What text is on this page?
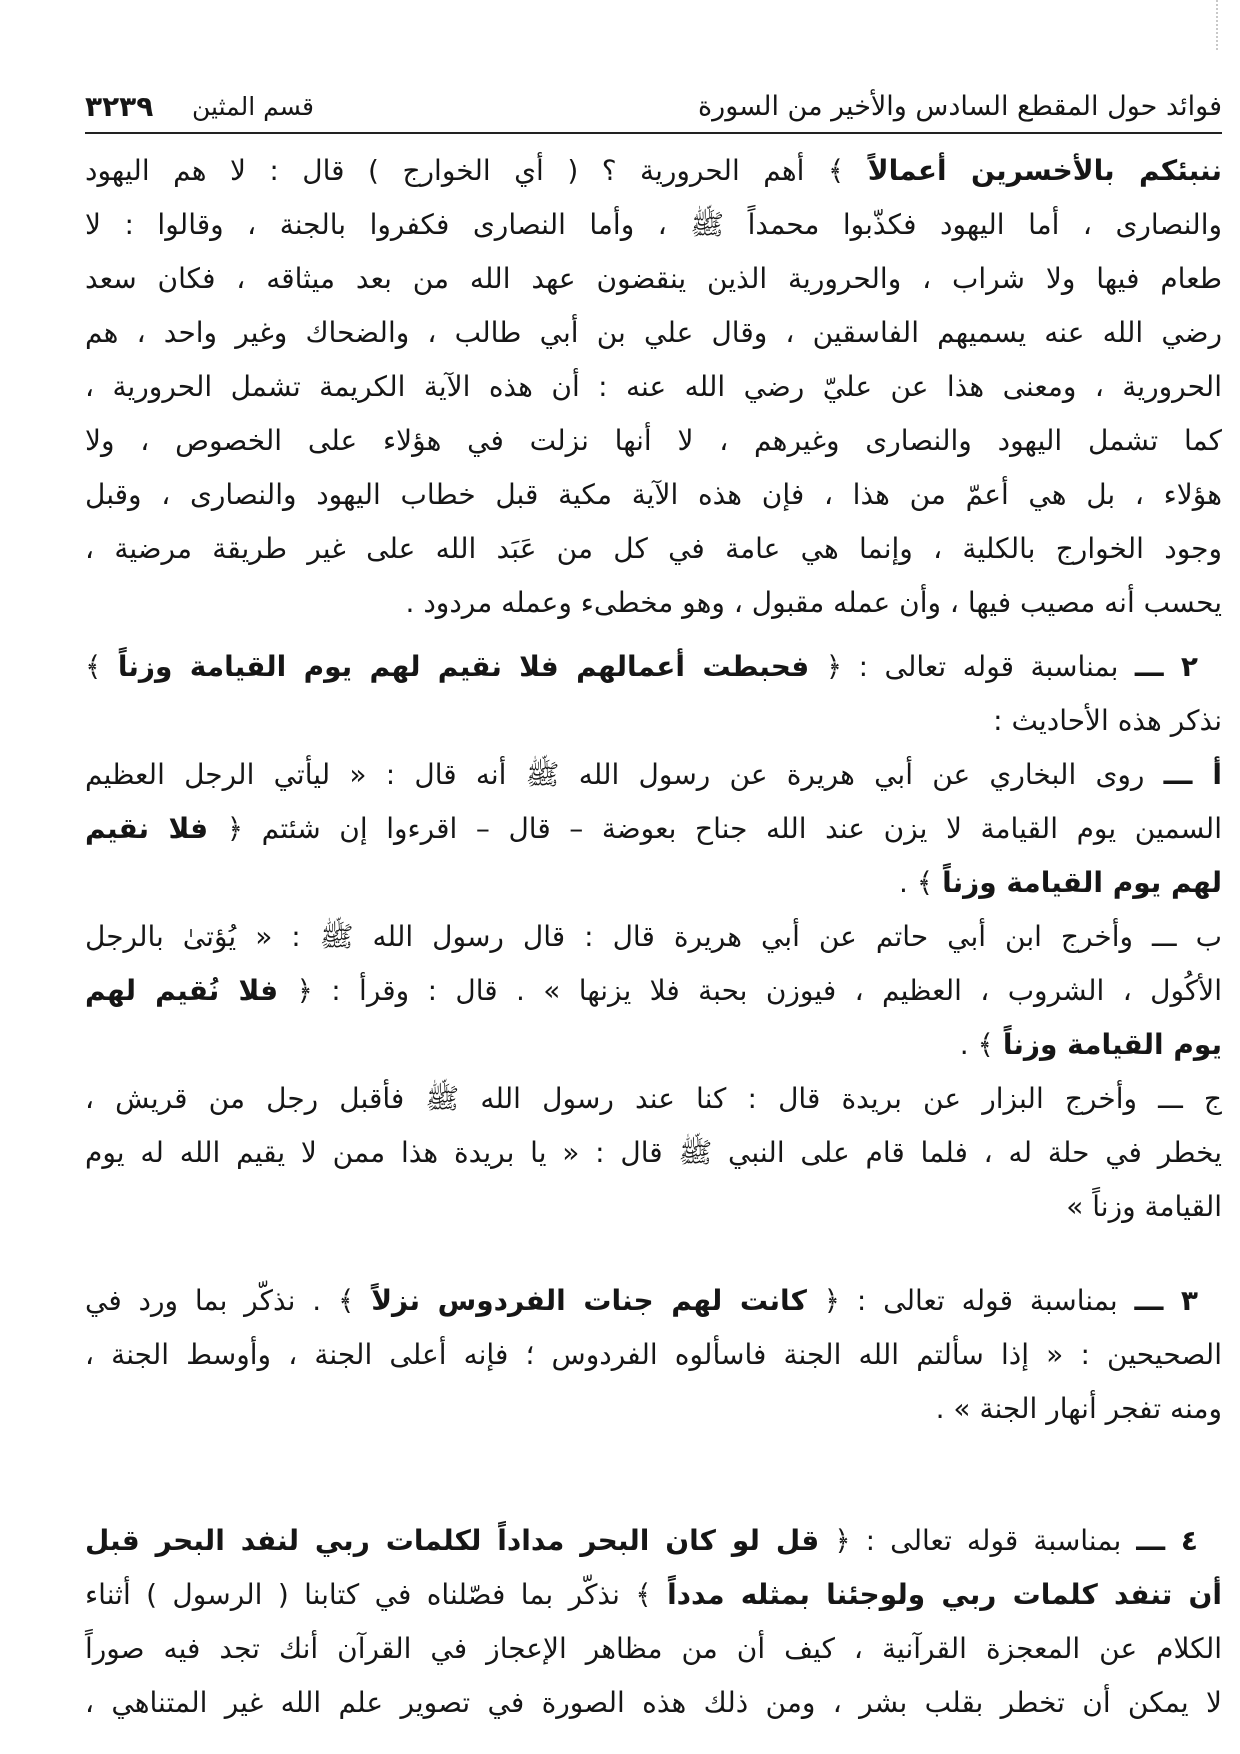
فوائد حول المقطع السادس والأخير من السورة
قسم المثين
٣٢٣٩
ننبئكم بالأخسرين أعمالاً ﴾ أهم الحرورية ؟ ( أي الخوارج ) قال : لا هم اليهود
والنصارى ، أما اليهود فكذّبوا محمداً ﷺ ، وأما النصارى فكفروا بالجنة ، وقالوا : لا
طعام فيها ولا شراب ، والحرورية الذين ينقضون عهد الله من بعد ميثاقه ، فكان سعد
رضي الله عنه يسميهم الفاسقين ، وقال علي بن أبي طالب ، والضحاك وغير واحد ، هم
الحرورية ، ومعنى هذا عن عليّ رضي الله عنه : أن هذه الآية الكريمة تشمل الحرورية ،
كما تشمل اليهود والنصارى وغيرهم ، لا أنها نزلت في هؤلاء على الخصوص ، ولا
هؤلاء ، بل هي أعمّ من هذا ، فإن هذه الآية مكية قبل خطاب اليهود والنصارى ، وقبل
وجود الخوارج بالكلية ، وإنما هي عامة في كل من عَبَد الله على غير طريقة مرضية ،
يحسب أنه مصيب فيها ، وأن عمله مقبول ، وهو مخطىء وعمله مردود .
٢ ـــ بمناسبة قوله تعالى : ﴿ فحبطت أعمالهم فلا نقيم لهم يوم القيامة وزناً ﴾
نذكر هذه الأحاديث :
أ ـــ روى البخاري عن أبي هريرة عن رسول الله ﷺ أنه قال : « ليأتي الرجل العظيم
السمين يوم القيامة لا يزن عند الله جناح بعوضة – قال – اقرءوا إن شئتم ﴿ فلا نقيم
لهم يوم القيامة وزناً ﴾ .
ب ـــ وأخرج ابن أبي حاتم عن أبي هريرة قال : قال رسول الله ﷺ : « يُؤتىٰ بالرجل
الأكُول ، الشروب ، العظيم ، فيوزن بحبة فلا يزنها » . قال : وقرأ : ﴿ فلا نُقيم لهم
يوم القيامة وزناً ﴾ .
ج ـــ وأخرج البزار عن بريدة قال : كنا عند رسول الله ﷺ فأقبل رجل من قريش ،
يخطر في حلة له ، فلما قام على النبي ﷺ قال : « يا بريدة هذا ممن لا يقيم الله له يوم
القيامة وزناً »
٣ ـــ بمناسبة قوله تعالى : ﴿ كانت لهم جنات الفردوس نزلاً ﴾ . نذكّر بما ورد في
الصحيحين : « إذا سألتم الله الجنة فاسألوه الفردوس ؛ فإنه أعلى الجنة ، وأوسط الجنة ،
ومنه تفجر أنهار الجنة » .
٤ ـــ بمناسبة قوله تعالى : ﴿ قل لو كان البحر مداداً لكلمات ربي لنفد البحر قبل
أن تنفد كلمات ربي ولوجئنا بمثله مدداً ﴾ نذكّر بما فصّلناه في كتابنا ( الرسول ) أثناء
الكلام عن المعجزة القرآنية ، كيف أن من مظاهر الإعجاز في القرآن أنك تجد فيه صوراً
لا يمكن أن تخطر بقلب بشر ، ومن ذلك هذه الصورة في تصوير علم الله غير المتناهي ،
